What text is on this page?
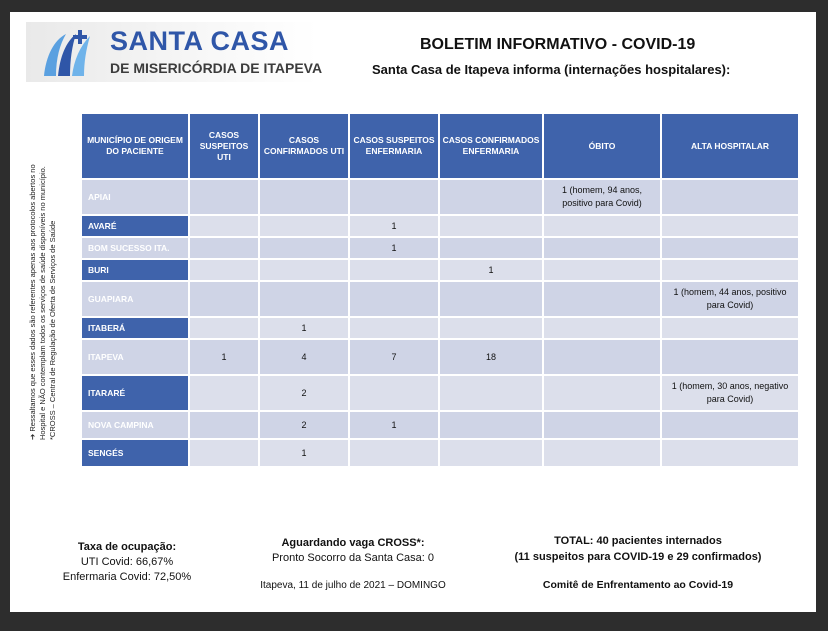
SANTA CASA
DE MISERICÓRDIA DE ITAPEVA
BOLETIM INFORMATIVO - COVID-19
Santa Casa de Itapeva informa (internações hospitalares):
➔ Ressaltamos que esses dados são referentes apenas aos protocolos abertos no Hospital e NÃO contemplam todos os serviços de saúde disponíveis no município. *CROSS – Central de Regulação de Oferta de Serviços de Saúde
MUNICÍPIO DE ORIGEM DO PACIENTE	CASOS SUSPEITOS UTI	CASOS CONFIRMADOS UTI	CASOS SUSPEITOS ENFERMARIA	CASOS CONFIRMADOS ENFERMARIA	ÓBITO	ALTA HOSPITALAR
APIAI					1 (homem, 94 anos, positivo para Covid)	
AVARÉ			1			
BOM SUCESSO ITA.			1			
BURI				1		
GUAPIARA						1 (homem, 44 anos, positivo para Covid)
ITABERÁ		1				
ITAPEVA	1	4	7	18		
ITARARÉ		2				1 (homem, 30 anos, negativo para Covid)
NOVA CAMPINA		2	1			
SENGÉS		1				
Taxa de ocupação:
UTI Covid: 66,67%
Enfermaria Covid: 72,50%
Aguardando vaga CROSS*:
Pronto Socorro da Santa Casa: 0
Itapeva, 11 de julho de 2021 – DOMINGO
TOTAL: 40 pacientes internados
(11 suspeitos para COVID-19 e 29 confirmados)
Comitê de Enfrentamento ao Covid-19
